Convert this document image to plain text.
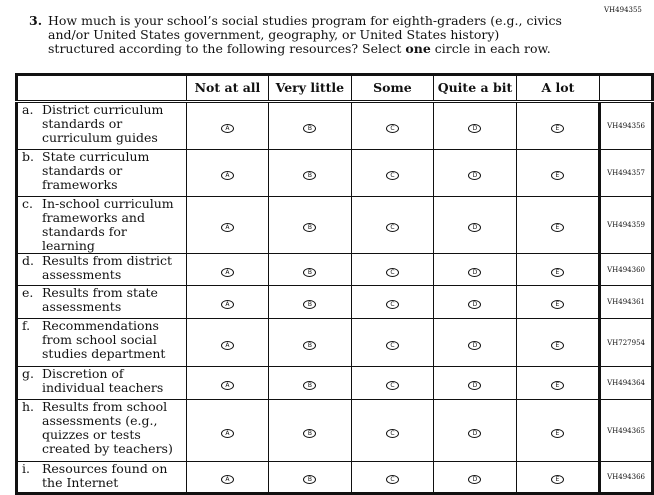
VH494355
3. How much is your school’s social studies program for eighth-graders (e.g., civics and/or United States government, geography, or United States history) structured according to the following resources? Select one circle in each row.
	Not at all	Very little	Some	Quite a bit	A lot	
a. District curriculum standards or curriculum guides	A	B	C	D	E	VH494356
b. State curriculum standards or frameworks	A	B	C	D	E	VH494357
c. In-school curriculum frameworks and standards for learning	A	B	C	D	E	VH494359
d. Results from district assessments	A	B	C	D	E	VH494360
e. Results from state assessments	A	B	C	D	E	VH494361
f. Recommendations from school social studies department	A	B	C	D	E	VH727954
g. Discretion of individual teachers	A	B	C	D	E	VH494364
h. Results from school assessments (e.g., quizzes or tests created by teachers)	A	B	C	D	E	VH494365
i. Resources found on the Internet	A	B	C	D	E	VH494366
